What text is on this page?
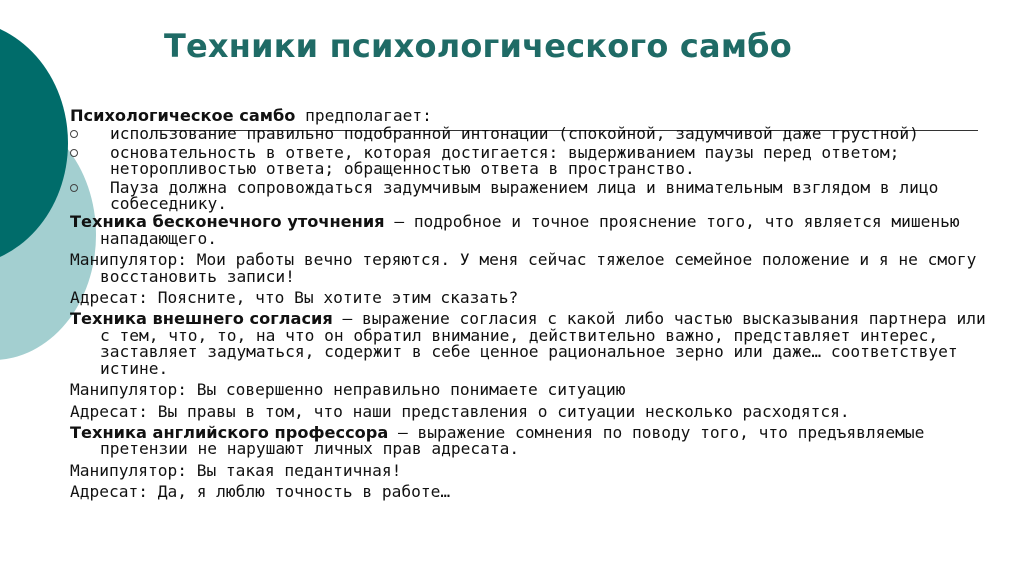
Техники психологического самбо

Психологическое самбо предполагает:

использование правильно подобранной интонации (спокойной, задумчивой даже грустной)
основательность в ответе, которая достигается: выдерживанием паузы перед ответом; неторопливостью ответа; обращенностью ответа в пространство.
Пауза должна сопровождаться задумчивым выражением лица и внимательным взглядом в лицо собеседнику.

Техника бесконечного уточнения – подробное и точное прояснение того, что является мишенью нападающего.

Манипулятор: Мои работы вечно теряются. У меня сейчас тяжелое семейное положение и я не смогу восстановить записи!

Адресат: Поясните, что Вы хотите этим сказать?

Техника внешнего согласия – выражение согласия с какой либо частью высказывания партнера или с тем, что, то, на что он обратил внимание, действительно важно, представляет интерес, заставляет задуматься, содержит в себе ценное рациональное зерно или даже… соответствует истине.

Манипулятор: Вы совершенно неправильно понимаете ситуацию

Адресат: Вы правы в том, что наши представления о ситуации несколько расходятся.

Техника английского профессора – выражение сомнения по поводу того, что предъявляемые претензии не нарушают личных прав адресата.

Манипулятор: Вы такая педантичная!

Адресат: Да, я люблю точность в работе…
